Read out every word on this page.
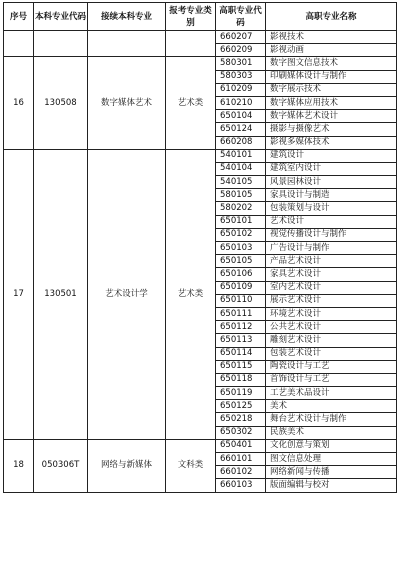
序号	本科专业代码	接续本科专业	报考专业类别	高职专业代码	高职专业名称
				660207	影视技术
				660209	影视动画
16	130508	数字媒体艺术	艺术类	580301	数字图文信息技术
				580303	印刷媒体设计与制作
				610209	数字展示技术
				610210	数字媒体应用技术
				650104	数字媒体艺术设计
				650124	摄影与摄像艺术
				660208	影视多媒体技术
17	130501	艺术设计学	艺术类	540101	建筑设计
				540104	建筑室内设计
				540105	风景园林设计
				580105	家具设计与制造
				580202	包装策划与设计
				650101	艺术设计
				650102	视觉传播设计与制作
				650103	广告设计与制作
				650105	产品艺术设计
				650106	家具艺术设计
				650109	室内艺术设计
				650110	展示艺术设计
				650111	环境艺术设计
				650112	公共艺术设计
				650113	雕刻艺术设计
				650114	包装艺术设计
				650115	陶瓷设计与工艺
				650118	首饰设计与工艺
				650119	工艺美术品设计
				650125	美术
				650218	舞台艺术设计与制作
				650302	民族美术
18	050306T	网络与新媒体	文科类	650401	文化创意与策划
				660101	图文信息处理
				660102	网络新闻与传播
				660103	版面编辑与校对
